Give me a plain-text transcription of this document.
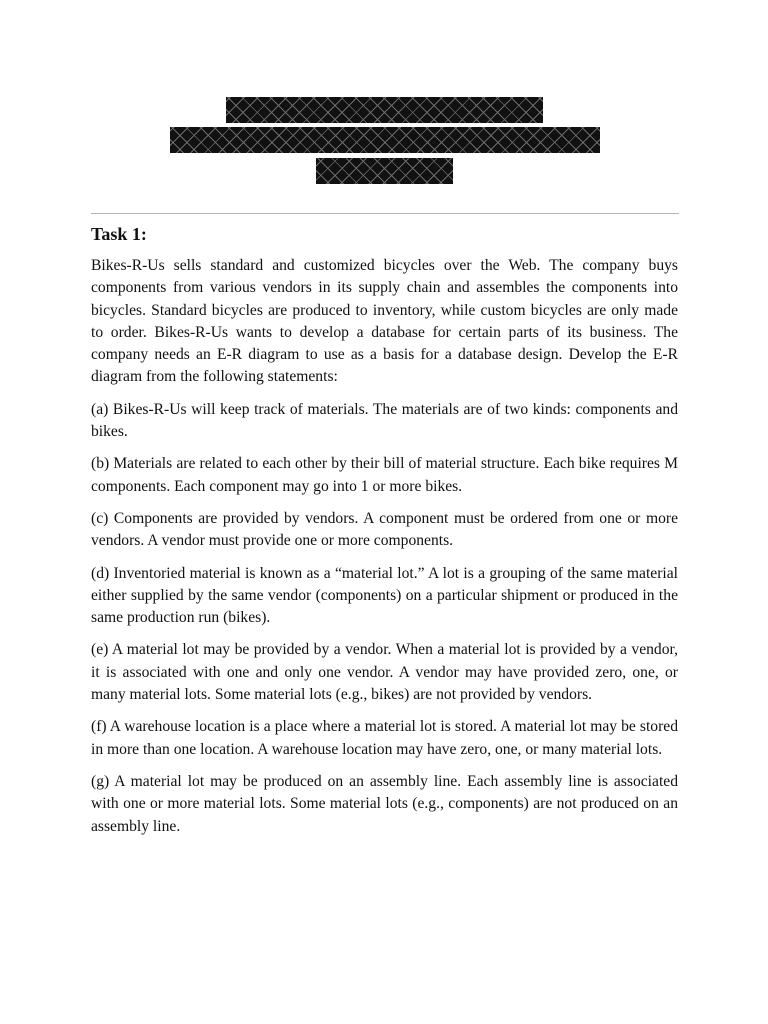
Task 1:

Bikes-R-Us sells standard and customized bicycles over the Web. The company buys components from various vendors in its supply chain and assembles the components into bicycles. Standard bicycles are produced to inventory, while custom bicycles are only made to order. Bikes-R-Us wants to develop a database for certain parts of its business. The company needs an E-R diagram to use as a basis for a database design. Develop the E-R diagram from the following statements:

(a) Bikes-R-Us will keep track of materials. The materials are of two kinds: components and bikes.

(b) Materials are related to each other by their bill of material structure. Each bike requires M components. Each component may go into 1 or more bikes.

(c) Components are provided by vendors. A component must be ordered from one or more vendors. A vendor must provide one or more components.

(d) Inventoried material is known as a “material lot.” A lot is a grouping of the same material either supplied by the same vendor (components) on a particular shipment or produced in the same production run (bikes).

(e) A material lot may be provided by a vendor. When a material lot is provided by a vendor, it is associated with one and only one vendor. A vendor may have provided zero, one, or many material lots. Some material lots (e.g., bikes) are not provided by vendors.

(f) A warehouse location is a place where a material lot is stored. A material lot may be stored in more than one location. A warehouse location may have zero, one, or many material lots.

(g) A material lot may be produced on an assembly line. Each assembly line is associated with one or more material lots. Some material lots (e.g., components) are not produced on an assembly line.
